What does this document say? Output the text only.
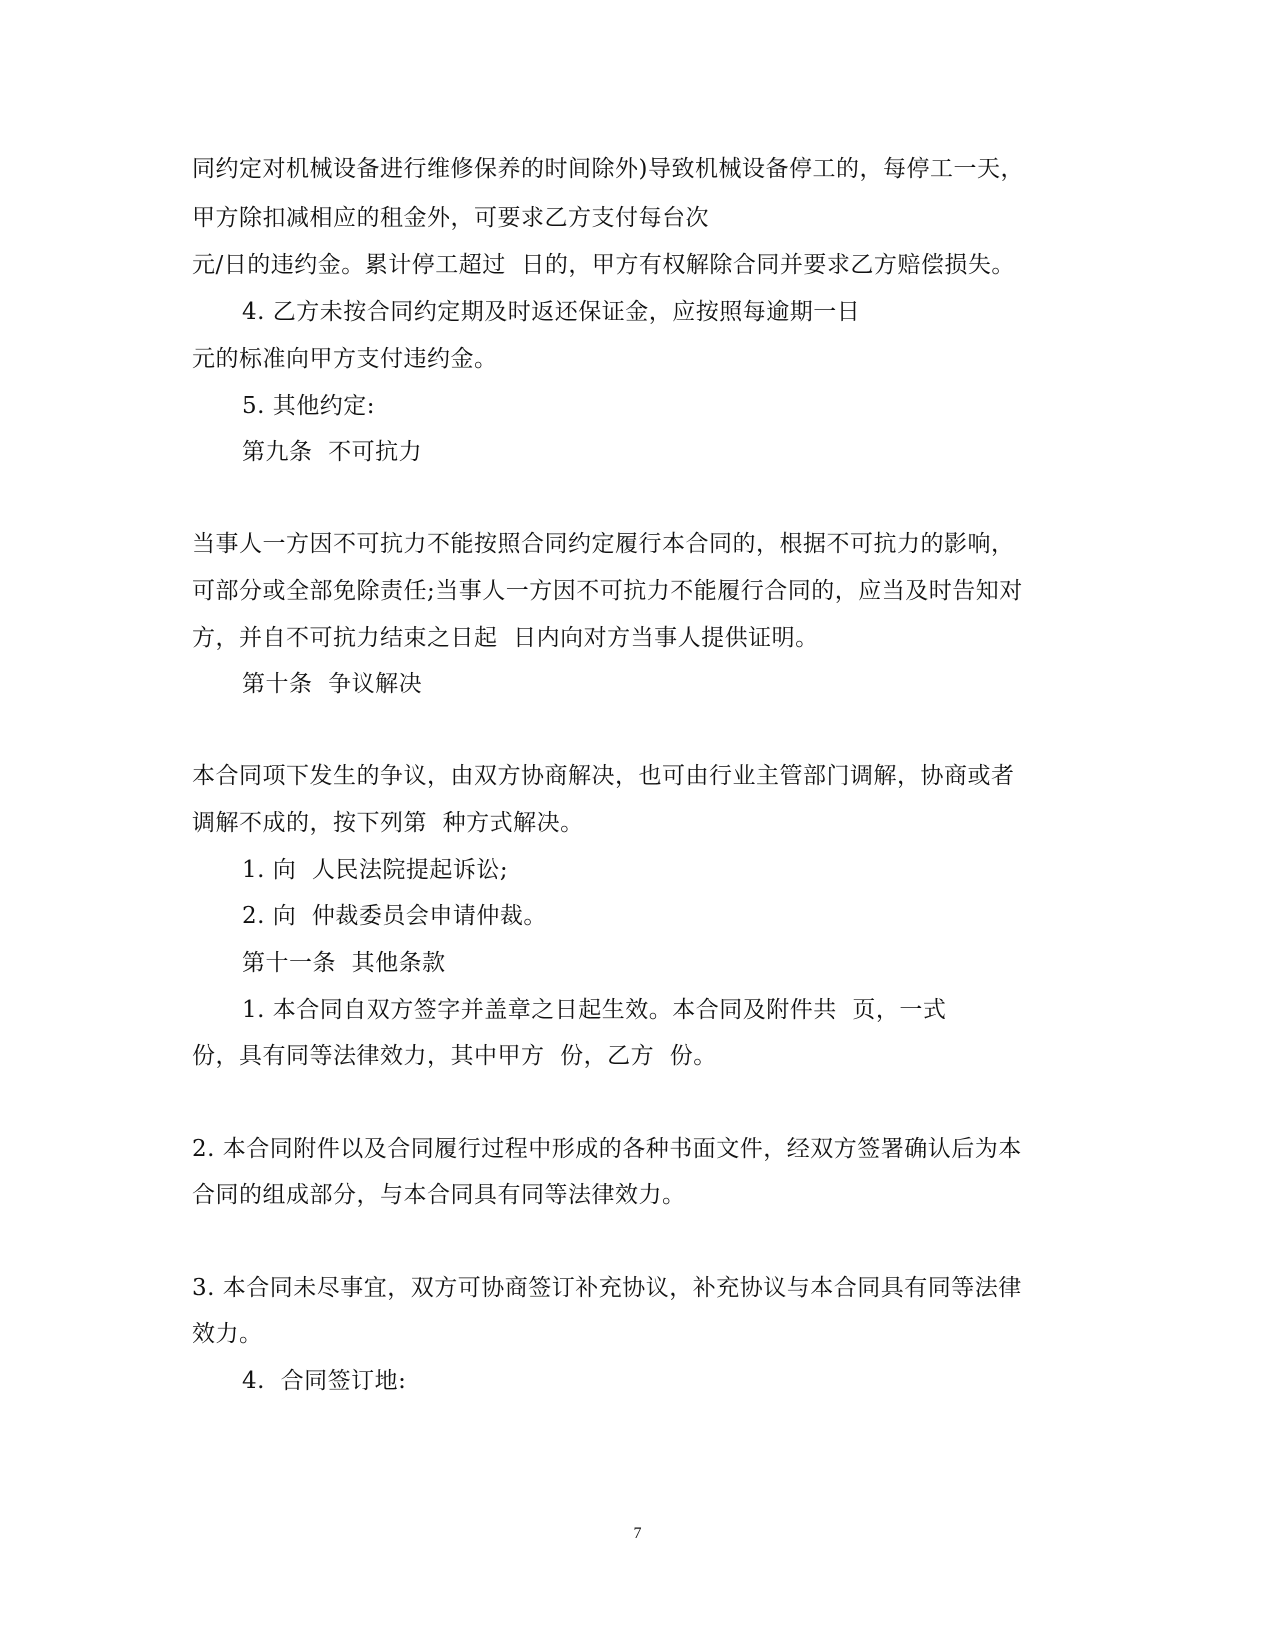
同约定对机械设备进行维修保养的时间除外)导致机械设备停工的，每停工一天，
甲方除扣减相应的租金外，可要求乙方支付每台次
元/日的违约金。累计停工超过  日的，甲方有权解除合同并要求乙方赔偿损失。
4. 乙方未按合同约定期及时返还保证金，应按照每逾期一日
元的标准向甲方支付违约金。
5. 其他约定:
第九条  不可抗力
当事人一方因不可抗力不能按照合同约定履行本合同的，根据不可抗力的影响，
可部分或全部免除责任;当事人一方因不可抗力不能履行合同的，应当及时告知对
方，并自不可抗力结束之日起  日内向对方当事人提供证明。
第十条  争议解决
本合同项下发生的争议，由双方协商解决，也可由行业主管部门调解，协商或者
调解不成的，按下列第  种方式解决。
1. 向  人民法院提起诉讼;
2. 向  仲裁委员会申请仲裁。
第十一条  其他条款
1. 本合同自双方签字并盖章之日起生效。本合同及附件共  页，一式
份，具有同等法律效力，其中甲方  份，乙方  份。
2. 本合同附件以及合同履行过程中形成的各种书面文件，经双方签署确认后为本
合同的组成部分，与本合同具有同等法律效力。
3. 本合同未尽事宜，双方可协商签订补充协议，补充协议与本合同具有同等法律
效力。
4.  合同签订地:
7
